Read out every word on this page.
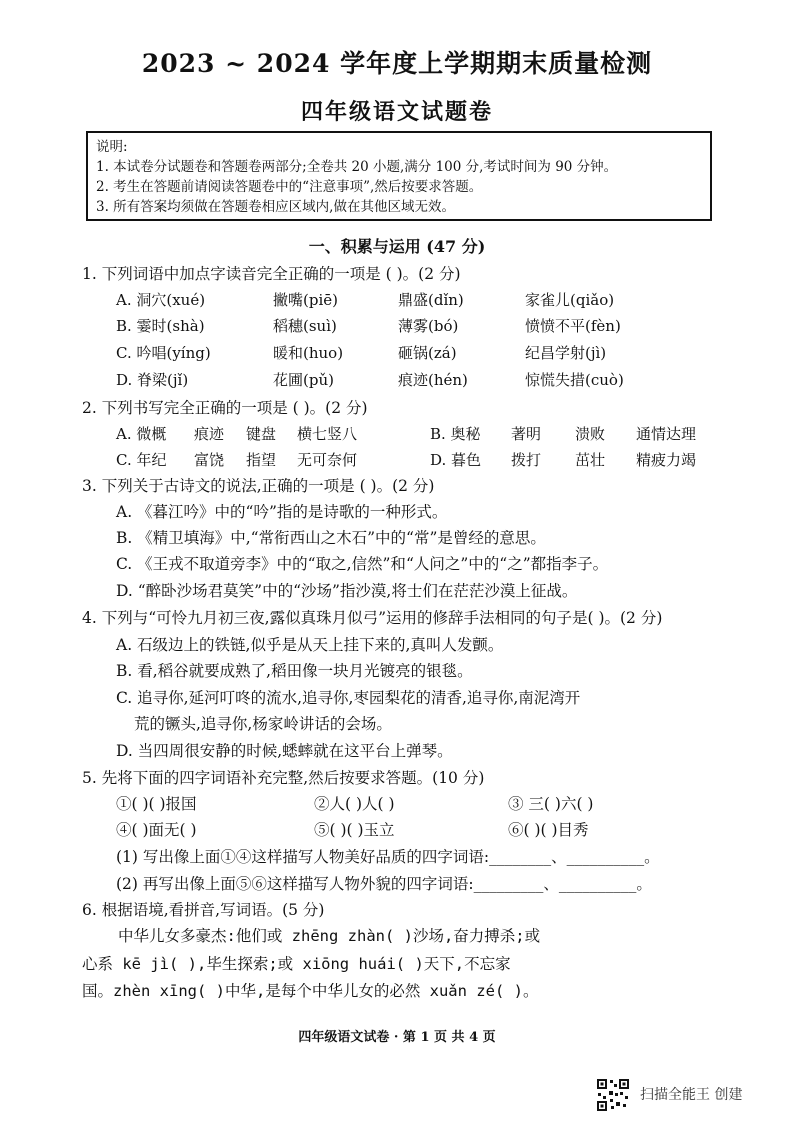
2023 ~ 2024 学年度上学期期末质量检测
四年级语文试题卷
说明:
1. 本试卷分试题卷和答题卷两部分;全卷共 20 小题,满分 100 分,考试时间为 90 分钟。
2. 考生在答题前请阅读答题卷中的“注意事项”,然后按要求答题。
3. 所有答案均须做在答题卷相应区域内,做在其他区域无效。
一、积累与运用 (47 分)
1. 下列词语中加点字读音完全正确的一项是 ( )。(2 分)
A. 洞穴(xué)	撇嘴(piē)	鼎盛(dǐn)	家雀儿(qiǎo)
B. 霎时(shà)	稻穗(suì)	薄雾(bó)	愤愤不平(fèn)
C. 吟唱(yíng)	暖和(huo)	砸锅(zá)	纪昌学射(jì)
D. 脊梁(jǐ)	花圃(pǔ)	痕迹(hén)	惊慌失措(cuò)
2. 下列书写完全正确的一项是 ( )。(2 分)
A. 微概 痕迹 键盘 横七竖八	B. 奥秘 著明 溃败 通情达理
C. 年纪 富饶 指望 无可奈何	D. 暮色 拨打 茁壮 精疲力竭
3. 下列关于古诗文的说法,正确的一项是 ( )。(2 分)
A. 《暮江吟》中的“吟”指的是诗歌的一种形式。
B. 《精卫填海》中,“常衔西山之木石”中的“常”是曾经的意思。
C. 《王戎不取道旁李》中的“取之,信然”和“人问之”中的“之”都指李子。
D. “醉卧沙场君莫笑”中的“沙场”指沙漠,将士们在茫茫沙漠上征战。
4. 下列与“可怜九月初三夜,露似真珠月似弓”运用的修辞手法相同的句子是( )。(2 分)
A. 石级边上的铁链,似乎是从天上挂下来的,真叫人发颤。
B. 看,稻谷就要成熟了,稻田像一块月光镀亮的银毯。
C. 追寻你,延河叮咚的流水,追寻你,枣园梨花的清香,追寻你,南泥湾开
荒的镢头,追寻你,杨家岭讲话的会场。
D. 当四周很安静的时候,蟋蟀就在这平台上弹琴。
5. 先将下面的四字词语补充完整,然后按要求答题。(10 分)
①( )( )报国	②人( )人( )	③ 三( )六( )
④( )面无( )	⑤( )( )玉立	⑥( )( )目秀
(1) 写出像上面①④这样描写人物美好品质的四字词语:________、__________。
(2) 再写出像上面⑤⑥这样描写人物外貌的四字词语:_________、__________。
6. 根据语境,看拼音,写词语。(5 分)
中华儿女多豪杰:他们或 zhēng zhàn( )沙场,奋力搏杀;或
心系 kē jì( ),毕生探索;或 xiōng huái( )天下,不忘家
国。zhèn xīng( )中华,是每个中华儿女的必然 xuǎn zé( )。
四年级语文试卷 · 第 1 页 共 4 页
扫描全能王 创建
